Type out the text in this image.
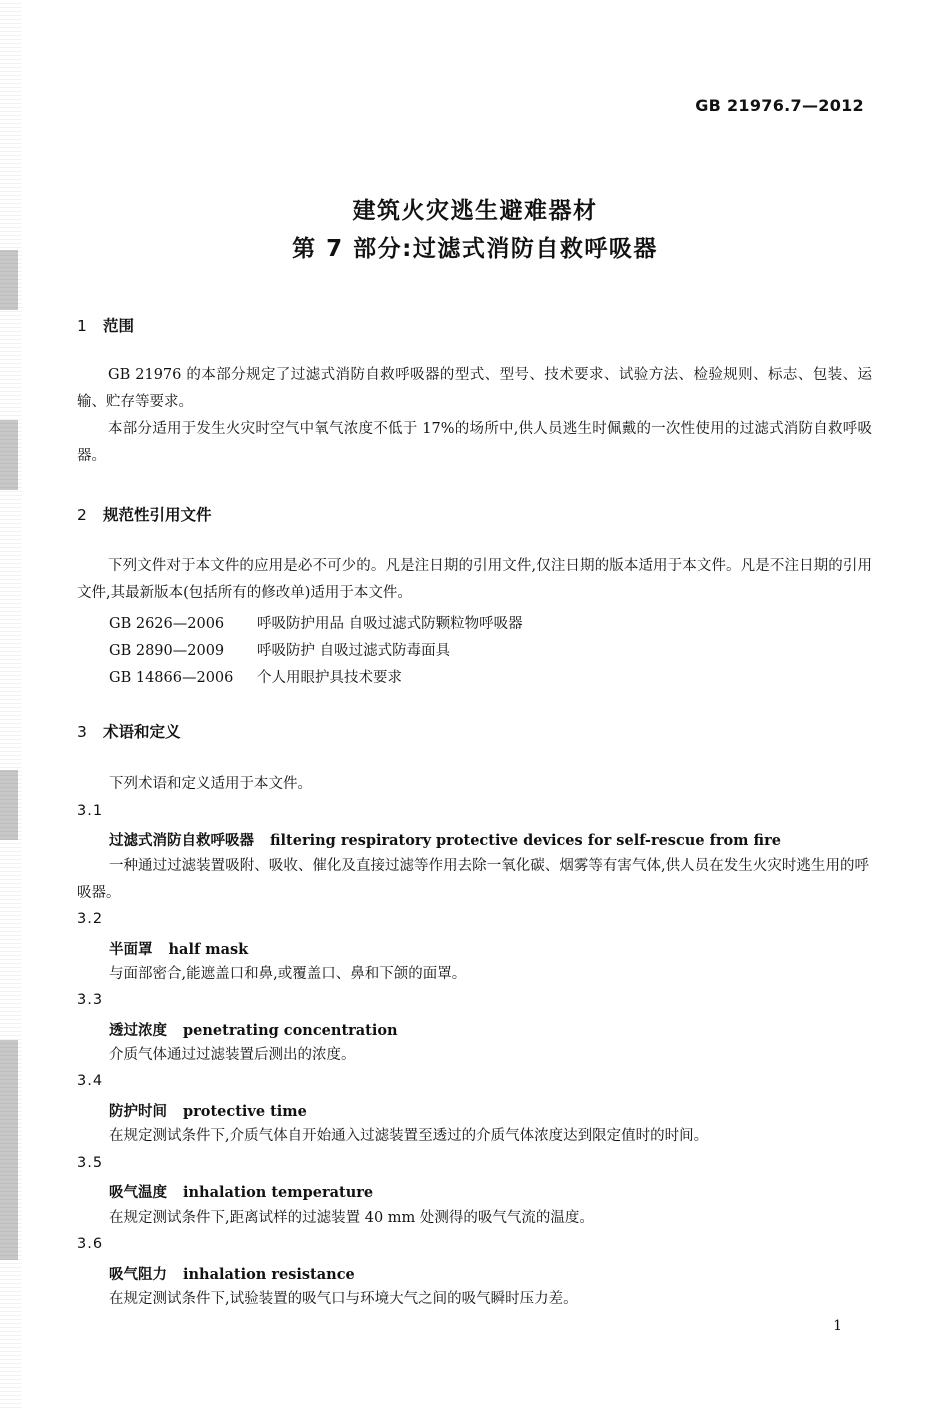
GB 21976.7—2012
建筑火灾逃生避难器材
第 7 部分:过滤式消防自救呼吸器
1 范围
GB 21976 的本部分规定了过滤式消防自救呼吸器的型式、型号、技术要求、试验方法、检验规则、标志、包装、运输、贮存等要求。
本部分适用于发生火灾时空气中氧气浓度不低于 17%的场所中,供人员逃生时佩戴的一次性使用的过滤式消防自救呼吸器。
2 规范性引用文件
下列文件对于本文件的应用是必不可少的。凡是注日期的引用文件,仅注日期的版本适用于本文件。凡是不注日期的引用文件,其最新版本(包括所有的修改单)适用于本文件。
GB 2626—2006 呼吸防护用品 自吸过滤式防颗粒物呼吸器
GB 2890—2009 呼吸防护 自吸过滤式防毒面具
GB 14866—2006 个人用眼护具技术要求
3 术语和定义
下列术语和定义适用于本文件。
3.1
过滤式消防自救呼吸器 filtering respiratory protective devices for self-rescue from fire
一种通过过滤装置吸附、吸收、催化及直接过滤等作用去除一氧化碳、烟雾等有害气体,供人员在发生火灾时逃生用的呼吸器。
3.2
半面罩 half mask
与面部密合,能遮盖口和鼻,或覆盖口、鼻和下颌的面罩。
3.3
透过浓度 penetrating concentration
介质气体通过过滤装置后测出的浓度。
3.4
防护时间 protective time
在规定测试条件下,介质气体自开始通入过滤装置至透过的介质气体浓度达到限定值时的时间。
3.5
吸气温度 inhalation temperature
在规定测试条件下,距离试样的过滤装置 40 mm 处测得的吸气气流的温度。
3.6
吸气阻力 inhalation resistance
在规定测试条件下,试验装置的吸气口与环境大气之间的吸气瞬时压力差。
1
